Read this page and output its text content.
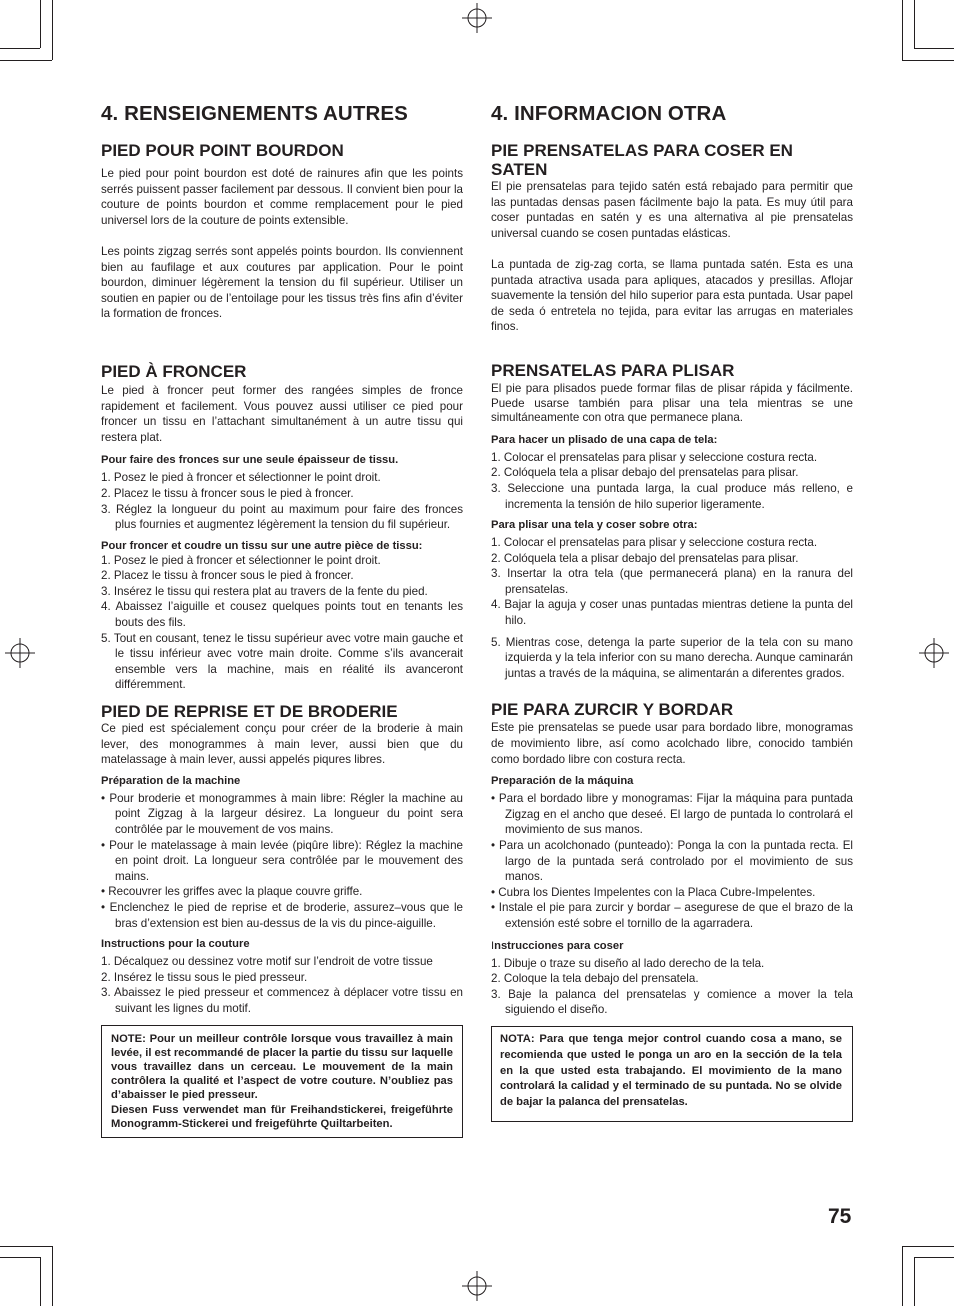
4. RENSEIGNEMENTS AUTRES
PIED POUR POINT BOURDON

Le pied pour point bourdon est doté de rainures afin que les points serrés puissent passer facilement par dessous. Il convient bien pour la couture de points bourdon et comme remplacement pour le pied universel lors de la couture de points extensible.

Les points zigzag serrés sont appelés points bourdon. Ils conviennent bien au faufilage et aux coutures par application. Pour le point bourdon, diminuer légèrement la tension du fil supérieur. Utiliser un soutien en papier ou de l’entoilage pour les tissus très fins afin d’éviter la formation de fronces.

PIED À FRONCER

Le pied à froncer peut former des rangées simples de fronce rapidement et facilement. Vous pouvez aussi utiliser ce pied pour froncer un tissu en l’attachant simultanément à un autre tissu qui restera plat.

Pour faire des fronces sur une seule épaisseur de tissu.
1. Posez le pied à froncer et sélectionner le point droit.
2. Placez le tissu à froncer sous le pied à froncer.
3. Réglez la longueur du point au maximum pour faire des fronces plus fournies et augmentez légèrement la tension du fil supérieur.
Pour froncer et coudre un tissu sur une autre pièce de tissu:
1. Posez le pied à froncer et sélectionner le point droit.
2. Placez le tissu à froncer sous le pied à froncer.
3. Insérez le tissu qui restera plat au travers de la fente du pied.
4. Abaissez l’aiguille et cousez quelques points tout en tenants les bouts des fils.
5. Tout en cousant, tenez le tissu supérieur avec votre main gauche et le tissu inférieur avec votre main droite. Comme s’ils avancerait ensemble vers la machine, mais en réalité ils avanceront différemment.
PIED DE REPRISE ET DE BRODERIE

Ce pied est spécialement conçu pour créer de la broderie à main lever, des monogrammes à main lever, aussi bien que du matelassage à main lever, aussi appelés piqures libres.

Préparation de la machine
• Pour broderie et monogrammes à main libre: Régler la machine au point Zigzag à la largeur désirez. La longueur du point sera contrôlée par le mouvement de vos mains.
• Pour le matelassage à main levée (piqûre libre): Réglez la machine en point droit. La longueur sera contrôlée par le mouvement des mains.
• Recouvrer les griffes avec la plaque couvre griffe.
• Enclenchez le pied de reprise et de broderie, assurez–vous que le bras d’extension est bien au-dessus de la vis du pince-aiguille.
Instructions pour la couture
1. Décalquez ou dessinez votre motif sur l’endroit de votre tissue
2. Insérez le tissu sous le pied presseur.
3. Abaissez le pied presseur et commencez à déplacer votre tissu en suivant les lignes du motif.

NOTE: Pour un meilleur contrôle lorsque vous travaillez à main levée, il est recommandé de placer la partie du tissu sur laquelle vous travaillez dans un cerceau. Le mouvement de la main contrôlera la qualité et l’aspect de votre couture. N’oubliez pas d’abaisser le pied presseur.

Diesen Fuss verwendet man für Freihandstickerei, freigeführte Monogramm-Stickerei und freigeführte Quiltarbeiten.

4. INFORMACION OTRA
PIE PRENSATELAS PARA COSER EN SATEN

El pie prensatelas para tejido satén está rebajado para permitir que las puntadas densas pasen fácilmente bajo la pata. Es muy útil para coser puntadas en satén y es una alternativa al pie prensatelas universal cuando se cosen puntadas elásticas.

La puntada de zig-zag corta, se llama puntada satén. Esta es una puntada atractiva usada para apliques, atacados y presillas. Aflojar suavemente la tensión del hilo superior para esta puntada. Usar papel de seda ó entretela no tejida, para evitar las arrugas en materiales finos.

PRENSATELAS PARA PLISAR

El pie para plisados puede formar filas de plisar rápida y fácilmente. Puede usarse también para plisar una tela mientras se une simultáneamente con otra que permanece plana.

Para hacer un plisado de una capa de tela:
1. Colocar el prensatelas para plisar y seleccione costura recta.
2. Colóquela tela a plisar debajo del prensatelas para plisar.
3. Seleccione una puntada larga, la cual produce más relleno, e incrementa la tensión de hilo superior ligeramente.
Para plisar una tela y coser sobre otra:
1. Colocar el prensatelas para plisar y seleccione costura recta.
2. Colóquela tela a plisar debajo del prensatelas para plisar.
3. Insertar la otra tela (que permanecerá plana) en la ranura del prensatelas.
4. Bajar la aguja y coser unas puntadas mientras detiene la punta del hilo.
5. Mientras cose, detenga la parte superior de la tela con su mano izquierda y la tela inferior con su mano derecha. Aunque caminarán juntas a través de la máquina, se alimentarán a diferentes grados.
PIE PARA ZURCIR Y BORDAR

Este pie prensatelas se puede usar para bordado libre, monogramas de movimiento libre, así como acolchado libre, conocido también como bordado libre con costura recta.

Preparación de la máquina
• Para el bordado libre y monogramas: Fijar la máquina para puntada Zigzag en el ancho que deseé. El largo de puntada lo controlará el movimiento de sus manos.
• Para un acolchonado (punteado): Ponga la con la puntada recta. El largo de la puntada será controlado por el movimiento de sus manos.
• Cubra los Dientes Impelentes con la Placa Cubre-Impelentes.
• Instale el pie para zurcir y bordar – asegurese de que el brazo de la extensión esté sobre el tornillo de la agarradera.
Instrucciones para coser
1. Dibuje o traze su diseño al lado derecho de la tela.
2. Coloque la tela debajo del prensatela.
3. Baje la palanca del prensatelas y comience a mover la tela siguiendo el diseño.

NOTA: Para que tenga mejor control cuando cosa a mano, se recomienda que usted le ponga un aro en la sección de la tela en la que usted esta trabajando. El movimiento de la mano controlará la calidad y el terminado de su puntada. No se olvide de bajar la palanca del prensatelas.

75
